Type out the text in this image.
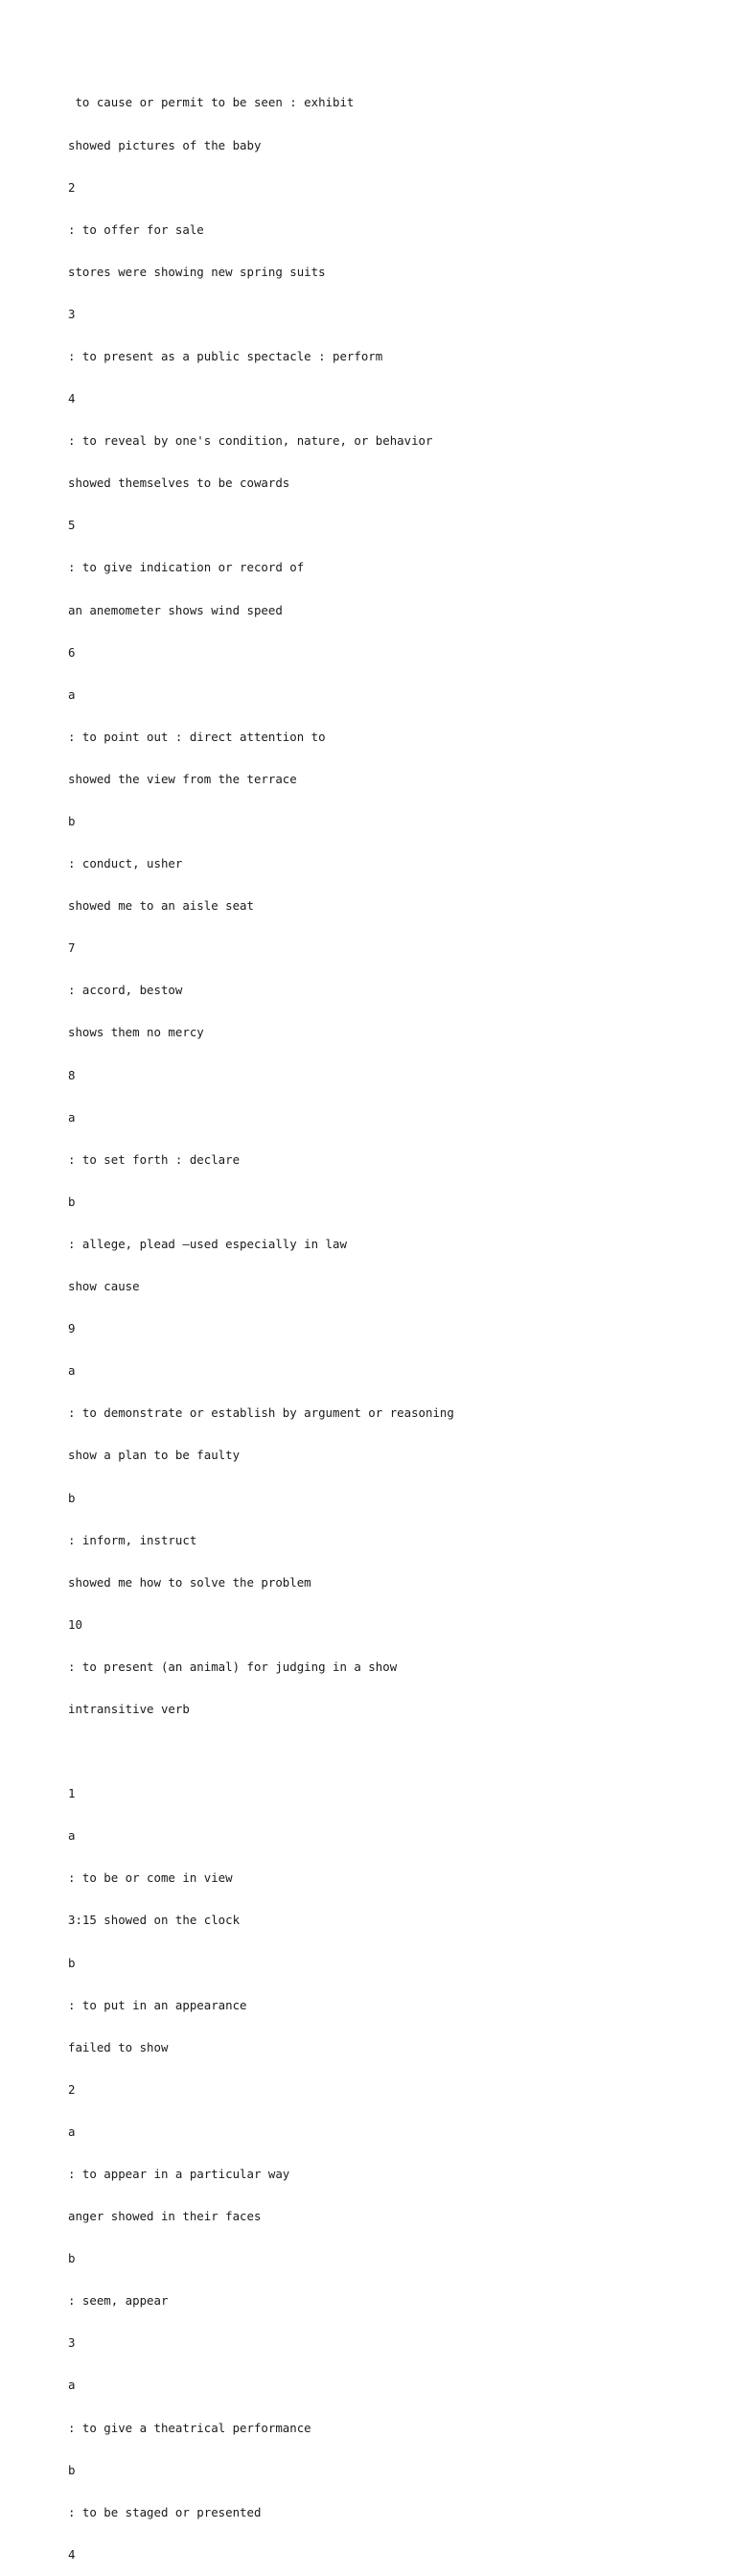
to cause or permit to be seen : exhibit

showed pictures of the baby

2

: to offer for sale

stores were showing new spring suits

3

: to present as a public spectacle : perform

4

: to reveal by one's condition, nature, or behavior

showed themselves to be cowards

5

: to give indication or record of

an anemometer shows wind speed

6

a

: to point out : direct attention to

showed the view from the terrace

b

: conduct, usher

showed me to an aisle seat

7

: accord, bestow

shows them no mercy

8

a

: to set forth : declare

b

: allege, plead —used especially in law

show cause

9

a

: to demonstrate or establish by argument or reasoning

show a plan to be faulty

b

: inform, instruct

showed me how to solve the problem

10

: to present (an animal) for judging in a show

intransitive verb

1

a

: to be or come in view

3:15 showed on the clock

b

: to put in an appearance

failed to show

2

a

: to appear in a particular way

anger showed in their faces

b

: seem, appear

3

a

: to give a theatrical performance

b

: to be staged or presented

4
